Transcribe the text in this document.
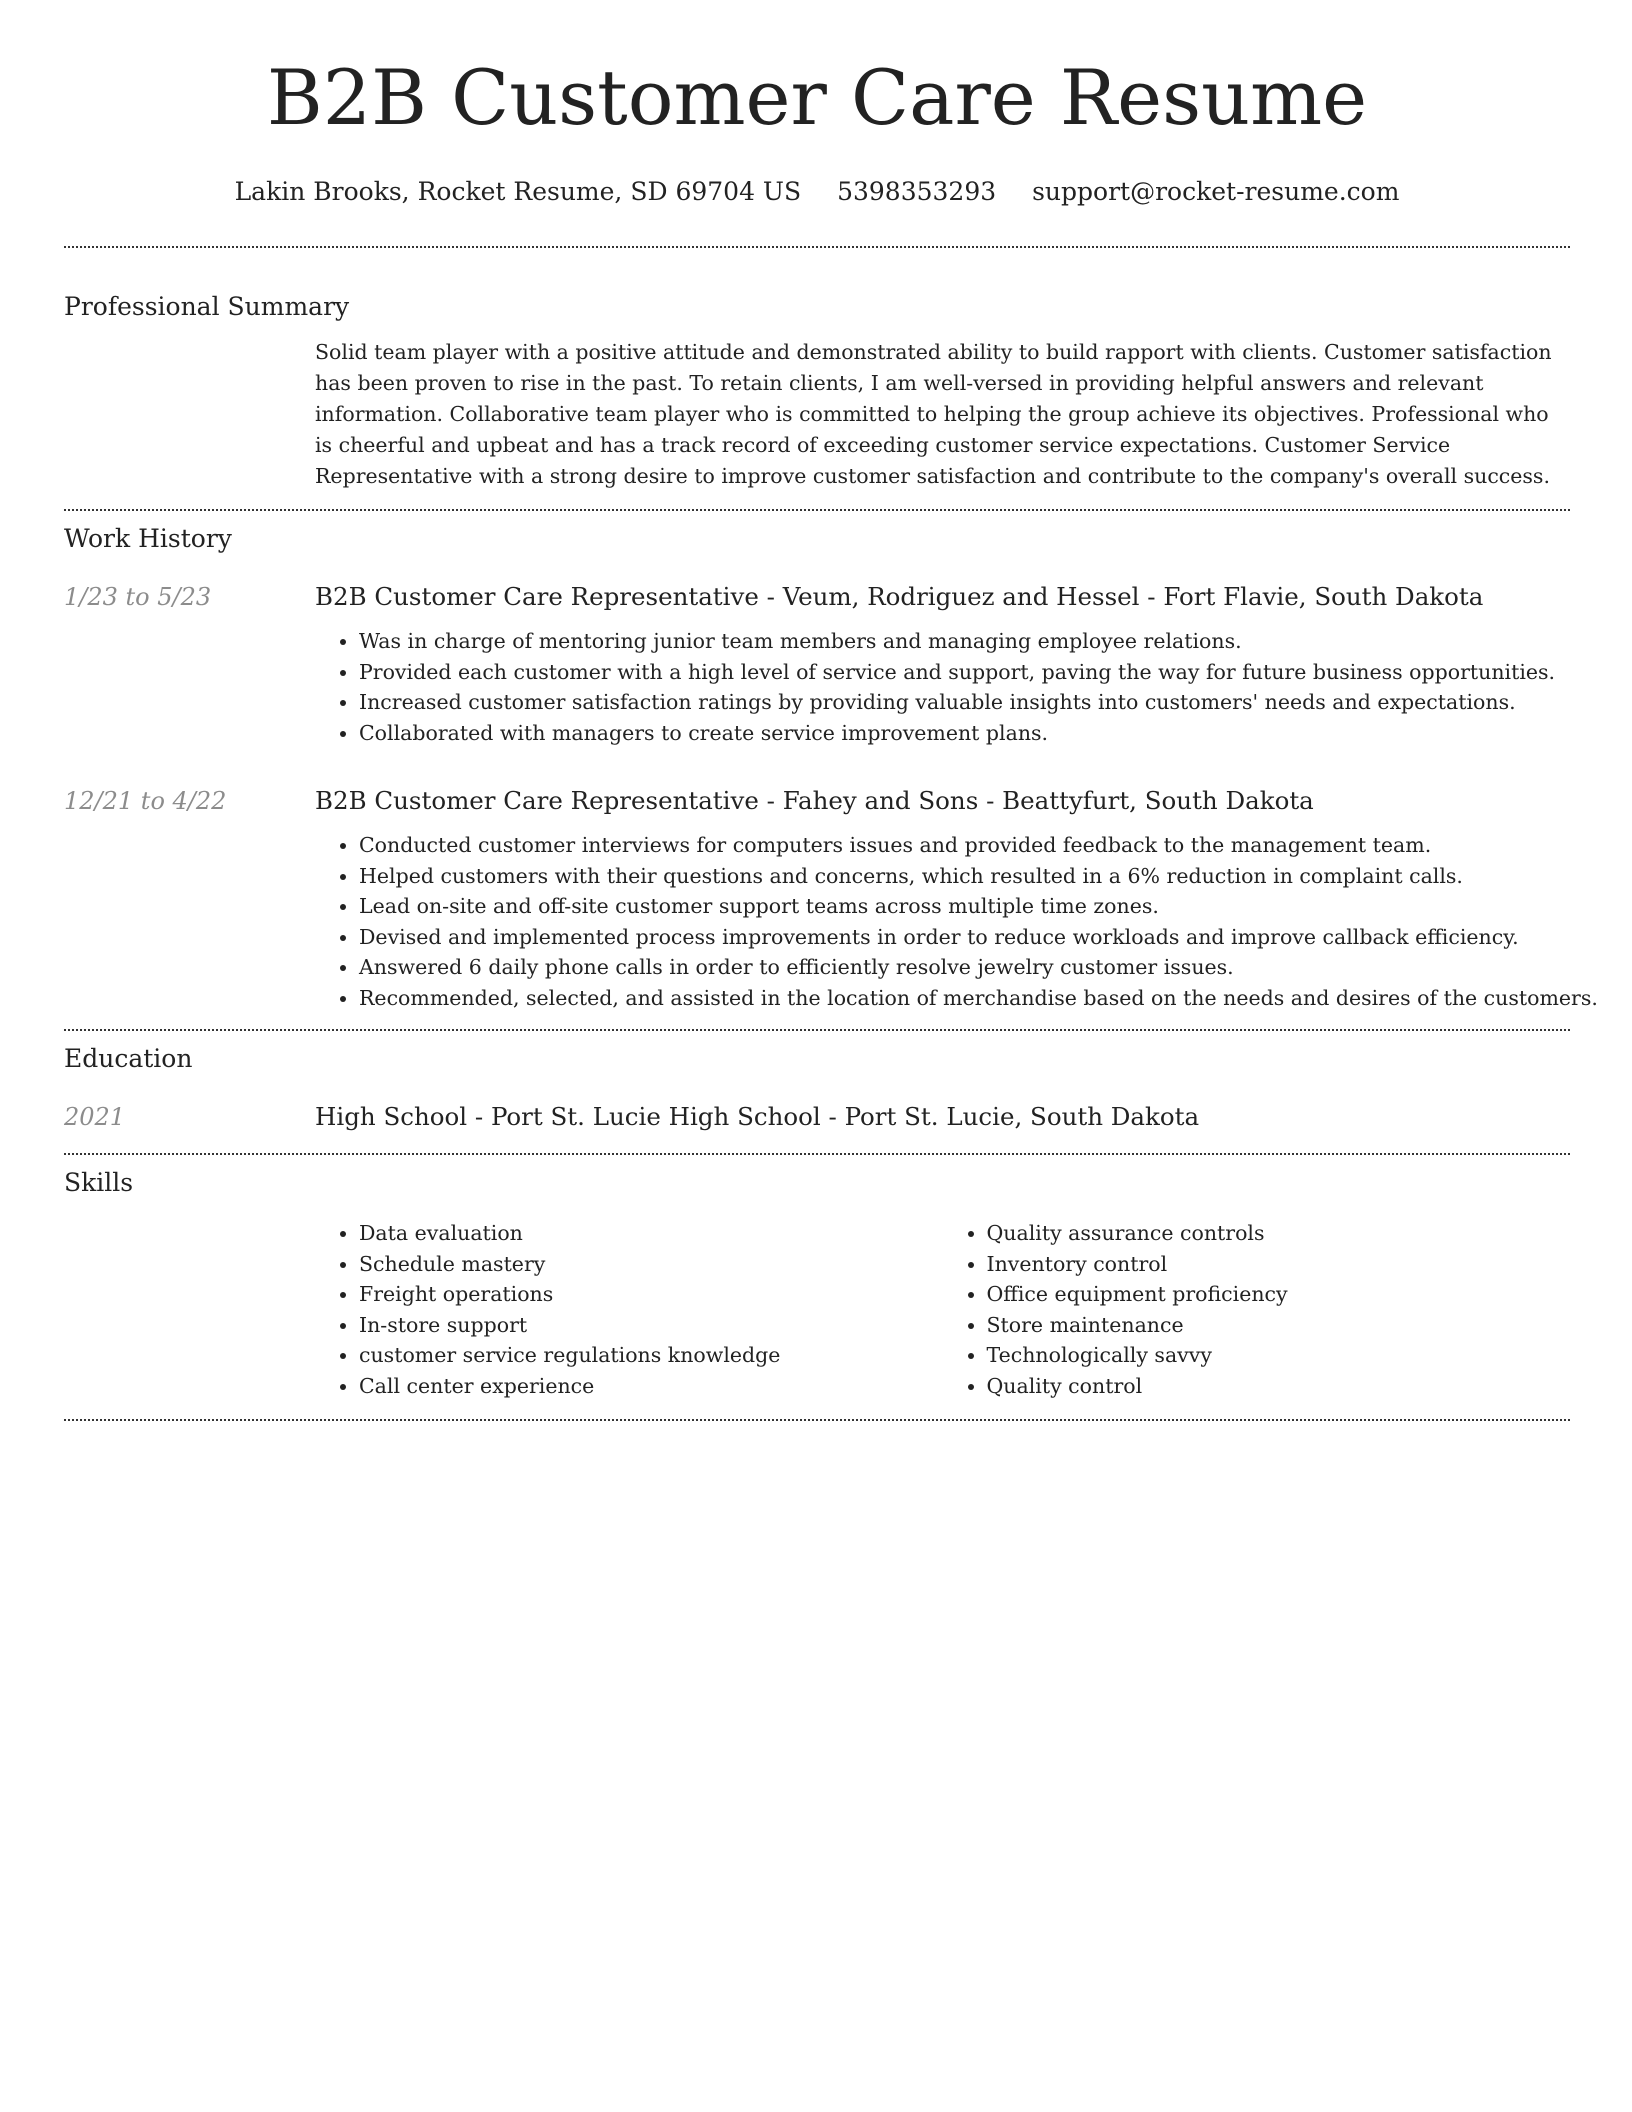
B2B Customer Care Resume
Lakin Brooks, Rocket Resume, SD 69704 US 5398353293 support@rocket-resume.com
Professional Summary

Solid team player with a positive attitude and demonstrated ability to build rapport with clients. Customer satisfaction has been proven to rise in the past. To retain clients, I am well-versed in providing helpful answers and relevant information. Collaborative team player who is committed to helping the group achieve its objectives. Professional who is cheerful and upbeat and has a track record of exceeding customer service expectations. Customer Service Representative with a strong desire to improve customer satisfaction and contribute to the company's overall success.

Work History
1/23 to 5/23	B2B Customer Care Representative - Veum, Rodriguez and Hessel - Fort Flavie, South Dakota
• Was in charge of mentoring junior team members and managing employee relations.
• Provided each customer with a high level of service and support, paving the way for future business opportunities.
• Increased customer satisfaction ratings by providing valuable insights into customers' needs and expectations.
• Collaborated with managers to create service improvement plans.
12/21 to 4/22	B2B Customer Care Representative - Fahey and Sons - Beattyfurt, South Dakota
• Conducted customer interviews for computers issues and provided feedback to the management team.
• Helped customers with their questions and concerns, which resulted in a 6% reduction in complaint calls.
• Lead on-site and off-site customer support teams across multiple time zones.
• Devised and implemented process improvements in order to reduce workloads and improve callback efficiency.
• Answered 6 daily phone calls in order to efficiently resolve jewelry customer issues.
• Recommended, selected, and assisted in the location of merchandise based on the needs and desires of the customers.
Education
2021	High School - Port St. Lucie High School - Port St. Lucie, South Dakota
Skills
• Data evaluation
• Schedule mastery
• Freight operations
• In-store support
• customer service regulations knowledge
• Call center experience
• Quality assurance controls
• Inventory control
• Office equipment proficiency
• Store maintenance
• Technologically savvy
• Quality control
